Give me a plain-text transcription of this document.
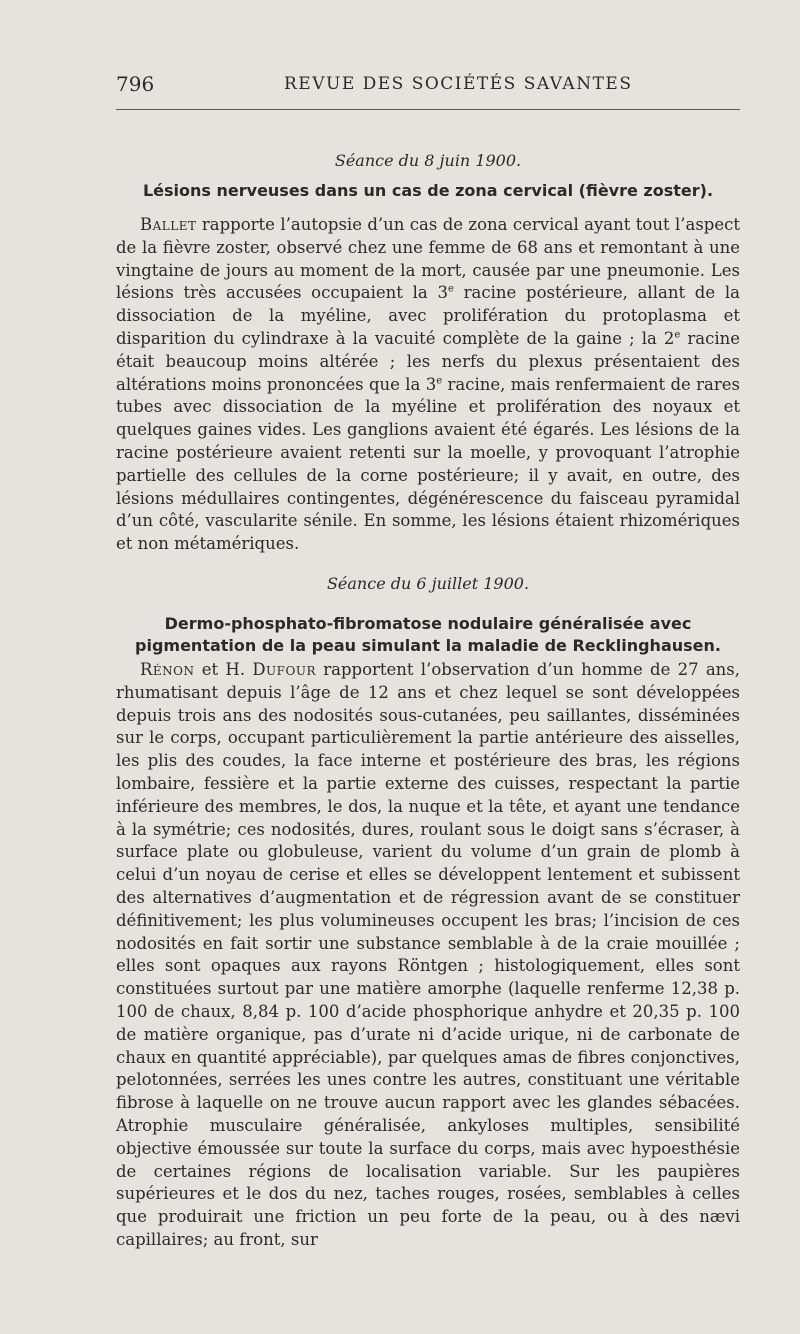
796	REVUE DES SOCIÉTÉS SAVANTES
Séance du 8 juin 1900.
Lésions nerveuses dans un cas de zona cervical (fièvre zoster).
Ballet rapporte l’autopsie d’un cas de zona cervical ayant tout l’aspect de la fièvre zoster, observé chez une femme de 68 ans et remontant à une vingtaine de jours au moment de la mort, causée par une pneumonie. Les lésions très accusées occupaient la 3e racine postérieure, allant de la dissociation de la myéline, avec prolifération du protoplasma et disparition du cylindraxe à la vacuité complète de la gaine ; la 2e racine était beaucoup moins altérée ; les nerfs du plexus présentaient des altérations moins prononcées que la 3e racine, mais renfermaient de rares tubes avec dissociation de la myéline et prolifération des noyaux et quelques gaines vides. Les ganglions avaient été égarés. Les lésions de la racine postérieure avaient retenti sur la moelle, y provoquant l’atrophie partielle des cellules de la corne postérieure; il y avait, en outre, des lésions médullaires contingentes, dégénérescence du faisceau pyramidal d’un côté, vascularite sénile. En somme, les lésions étaient rhizomériques et non métamériques.
Séance du 6 juillet 1900.
Dermo-phosphato-fibromatose nodulaire généralisée avec pigmentation de la peau simulant la maladie de Recklinghausen.
Rénon et H. Dufour rapportent l’observation d’un homme de 27 ans, rhumatisant depuis l’âge de 12 ans et chez lequel se sont développées depuis trois ans des nodosités sous-cutanées, peu saillantes, disséminées sur le corps, occupant particulièrement la partie antérieure des aisselles, les plis des coudes, la face interne et postérieure des bras, les régions lombaire, fessière et la partie externe des cuisses, respectant la partie inférieure des membres, le dos, la nuque et la tête, et ayant une tendance à la symétrie; ces nodosités, dures, roulant sous le doigt sans s’écraser, à surface plate ou globuleuse, varient du volume d’un grain de plomb à celui d’un noyau de cerise et elles se développent lentement et subissent des alternatives d’augmentation et de régression avant de se constituer définitivement; les plus volumineuses occupent les bras; l’incision de ces nodosités en fait sortir une substance semblable à de la craie mouillée ; elles sont opaques aux rayons Röntgen ; histologiquement, elles sont constituées surtout par une matière amorphe (laquelle renferme 12,38 p. 100 de chaux, 8,84 p. 100 d’acide phosphorique anhydre et 20,35 p. 100 de matière organique, pas d’urate ni d’acide urique, ni de carbonate de chaux en quantité appréciable), par quelques amas de fibres conjonctives, pelotonnées, serrées les unes contre les autres, constituant une véritable fibrose à laquelle on ne trouve aucun rapport avec les glandes sébacées. Atrophie musculaire généralisée, ankyloses multiples, sensibilité objective émoussée sur toute la surface du corps, mais avec hypoesthésie de certaines régions de localisation variable. Sur les paupières supérieures et le dos du nez, taches rouges, rosées, semblables à celles que produirait une friction un peu forte de la peau, ou à des nævi capillaires; au front, sur
